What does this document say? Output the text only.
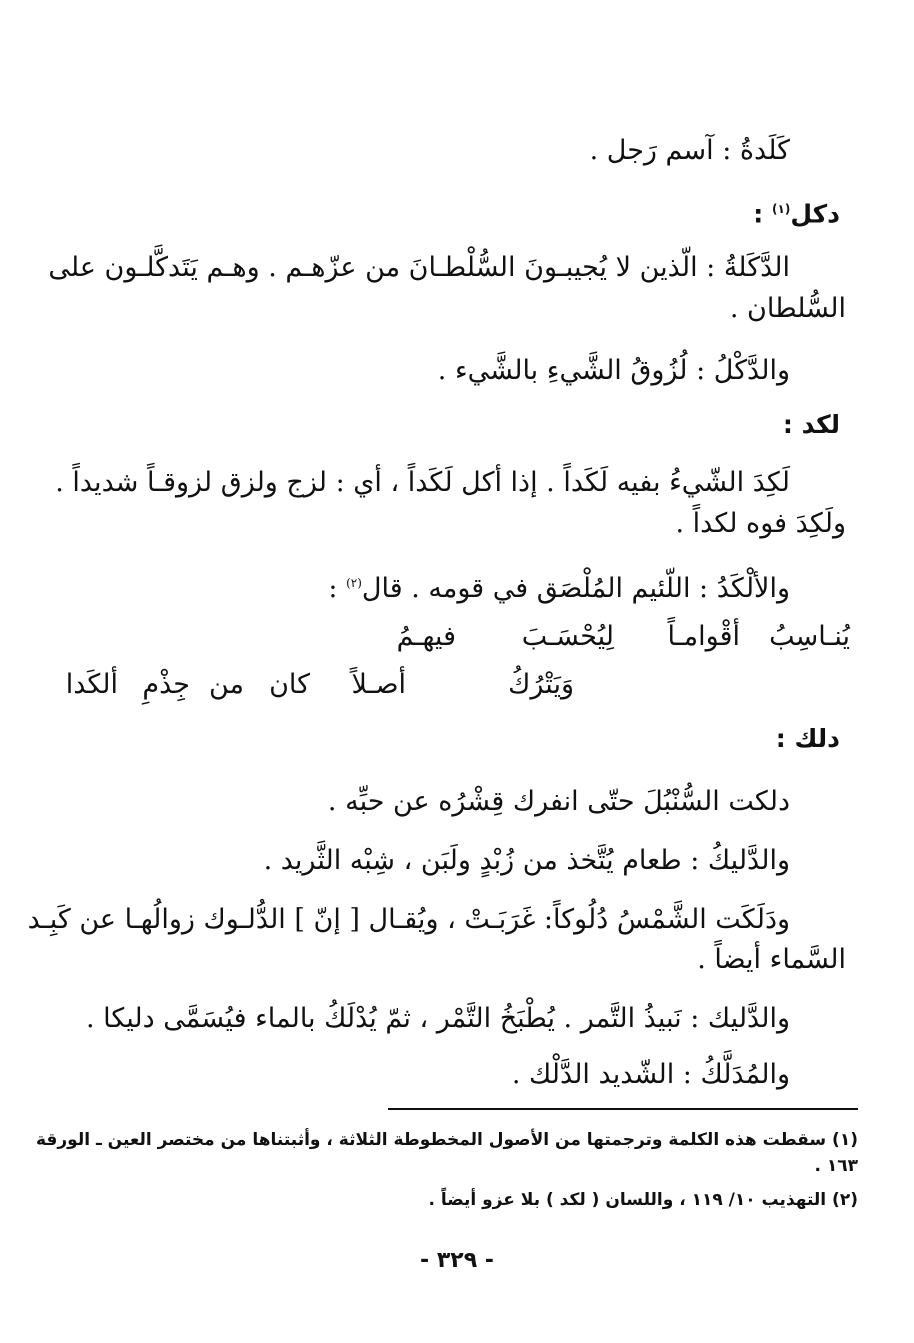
كَلَدةُ : آسم رَجل .
دكل$^{(١)}$ :
الدَّكَلةُ : الّذين لا يُجيبـونَ السُّلْطـانَ من عزّهـم . وهـم يَتَدكَّلـون على
السُّلطان .
والدَّكْلُ : لُزُوقُ الشَّيءِ بالشَّيء .
لكد :
لَكِدَ الشّيءُ بفيه لَكَداً . إذا أكل لَكَداً ، أي : لزج ولزق لزوقـاً شديداً .
ولَكِدَ فوه لكداً .
والألْكَدُ : اللّئيم المُلْصَق في قومه . قال$^{(٢)}$ :
يُنـاسِبُ
أقْوامـاً
لِيُحْسَـبَ
فيهـمُ
وَيَتْرُكُ
أصـلاً
كان
من
جِذْمِ
ألكَدا
دلك :
دلكت السُّنْبُلَ حتّى انفرك قِشْرُه عن حبِّه .
والدَّليكُ : طعام يُتَّخذ من زُبْدٍ ولَبَن ، شِبْه الثَّريد .
ودَلَكَت الشَّمْسُ دُلُوكاً: غَرَبَـتْ ، ويُقـال [ إنّ ] الدُّلـوك زوالُهـا عن كَبِـد
السَّماء أيضاً .
والدَّليك : نَبيذُ التَّمر . يُطْبَخُ التَّمْر ، ثمّ يُدْلَكُ بالماء فيُسَمَّى دليكا .
والمُدَلَّكُ : الشّديد الدَّلْك .
(١) سقطت هذه الكلمة وترجمتها من الأصول المخطوطة الثلاثة ، وأثبتناها من مختصر العين ـ الورقة
١٦٣ .
(٢) التهذيب ١٠/ ١١٩ ، واللسان ( لكد ) بلا عزو أيضاً .
- ٣٢٩ -
